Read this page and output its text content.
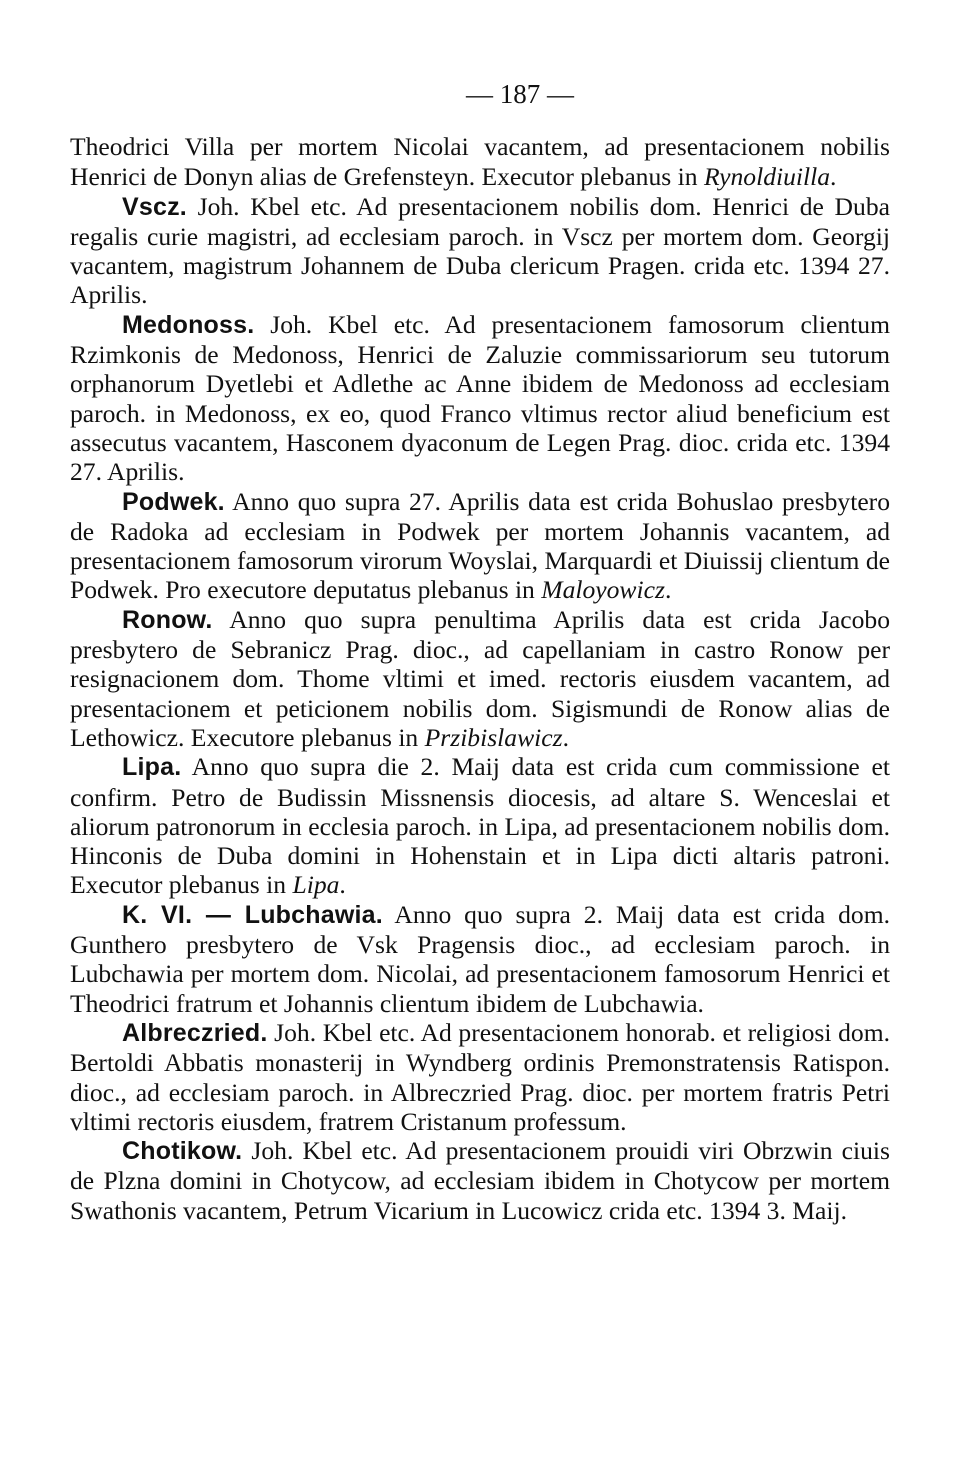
— 187 —

Theodrici Villa per mortem Nicolai vacantem, ad presentacionem nobilis Henrici de Donyn alias de Grefensteyn. Executor plebanus in Rynoldiuilla.

Vscz. Joh. Kbel etc. Ad presentacionem nobilis dom. Henrici de Duba regalis curie magistri, ad ecclesiam paroch. in Vscz per mortem dom. Georgij vacantem, magistrum Johannem de Duba clericum Pragen. crida etc. 1394 27. Aprilis.

Medonoss. Joh. Kbel etc. Ad presentacionem famosorum clientum Rzimkonis de Medonoss, Henrici de Zaluzie commissariorum seu tutorum orphanorum Dyetlebi et Adlethe ac Anne ibidem de Medonoss ad ecclesiam paroch. in Medonoss, ex eo, quod Franco vltimus rector aliud beneficium est assecutus vacantem, Hasconem dyaconum de Legen Prag. dioc. crida etc. 1394 27. Aprilis.

Podwek. Anno quo supra 27. Aprilis data est crida Bohuslao presbytero de Radoka ad ecclesiam in Podwek per mortem Johannis vacantem, ad presentacionem famosorum virorum Woyslai, Marquardi et Diuissij clientum de Podwek. Pro executore deputatus plebanus in Maloyowicz.

Ronow. Anno quo supra penultima Aprilis data est crida Jacobo presbytero de Sebranicz Prag. dioc., ad capellaniam in castro Ronow per resignacionem dom. Thome vltimi et imed. rectoris eiusdem vacantem, ad presentacionem et peticionem nobilis dom. Sigismundi de Ronow alias de Lethowicz. Executore plebanus in Przibislawicz.

Lipa. Anno quo supra die 2. Maij data est crida cum commissione et confirm. Petro de Budissin Missnensis diocesis, ad altare S. Wenceslai et aliorum patronorum in ecclesia paroch. in Lipa, ad presentacionem nobilis dom. Hinconis de Duba domini in Hohenstain et in Lipa dicti altaris patroni. Executor plebanus in Lipa.

K. VI. — Lubchawia. Anno quo supra 2. Maij data est crida dom. Gunthero presbytero de Vsk Pragensis dioc., ad ecclesiam paroch. in Lubchawia per mortem dom. Nicolai, ad presentacionem famosorum Henrici et Theodrici fratrum et Johannis clientum ibidem de Lubchawia.

Albreczried. Joh. Kbel etc. Ad presentacionem honorab. et religiosi dom. Bertoldi Abbatis monasterij in Wyndberg ordinis Premonstratensis Ratispon. dioc., ad ecclesiam paroch. in Albreczried Prag. dioc. per mortem fratris Petri vltimi rectoris eiusdem, fratrem Cristanum professum.

Chotikow. Joh. Kbel etc. Ad presentacionem prouidi viri Obrzwin ciuis de Plzna domini in Chotycow, ad ecclesiam ibidem in Chotycow per mortem Swathonis vacantem, Petrum Vicarium in Lucowicz crida etc. 1394 3. Maij.
